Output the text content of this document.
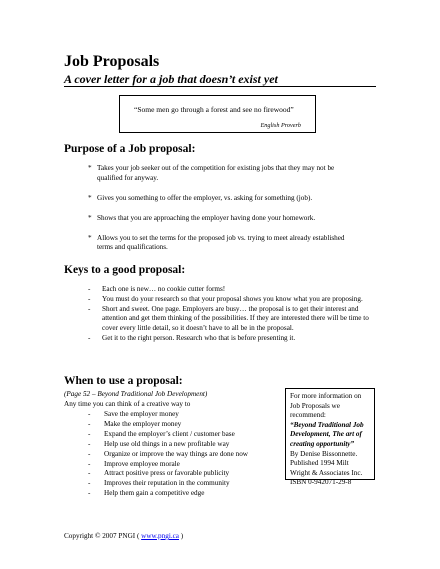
Job Proposals
A cover letter for a job that doesn’t exist yet
“Some men go through a forest and see no firewood”
English Proverb
Purpose of a Job proposal:
* Takes your job seeker out of the competition for existing jobs that they may not be qualified for anyway.
* Gives you something to offer the employer, vs. asking for something (job).
* Shows that you are approaching the employer having done your homework.
* Allows you to set the terms for the proposed job vs. trying to meet already established terms and qualifications.
Keys to a good proposal:
- Each one is new… no cookie cutter forms!
- You must do your research so that your proposal shows you know what you are proposing.
- Short and sweet. One page. Employers are busy… the proposal is to get their interest and attention and get them thinking of the possibilities. If they are interested there will be time to cover every little detail, so it doesn’t have to all be in the proposal.
- Get it to the right person. Research who that is before presenting it.
When to use a proposal:
(Page 52 – Beyond Traditional Job Development)
Any time you can think of a creative way to
- Save the employer money
- Make the employer money
- Expand the employer’s client / customer base
- Help use old things in a new profitable way
- Organize or improve the way things are done now
- Improve employee morale
- Attract positive press or favorable publicity
- Improves their reputation in the community
- Help them gain a competitive edge
For more information on Job Proposals we recommend:
“Beyond Traditional Job Development, The art of creating opportunity”
By Denise Bissonnette.
Published 1994 Milt Wright & Associates Inc.
ISBN 0-942071-29-8
Copyright © 2007 PNGI ( www.pngi.ca )
